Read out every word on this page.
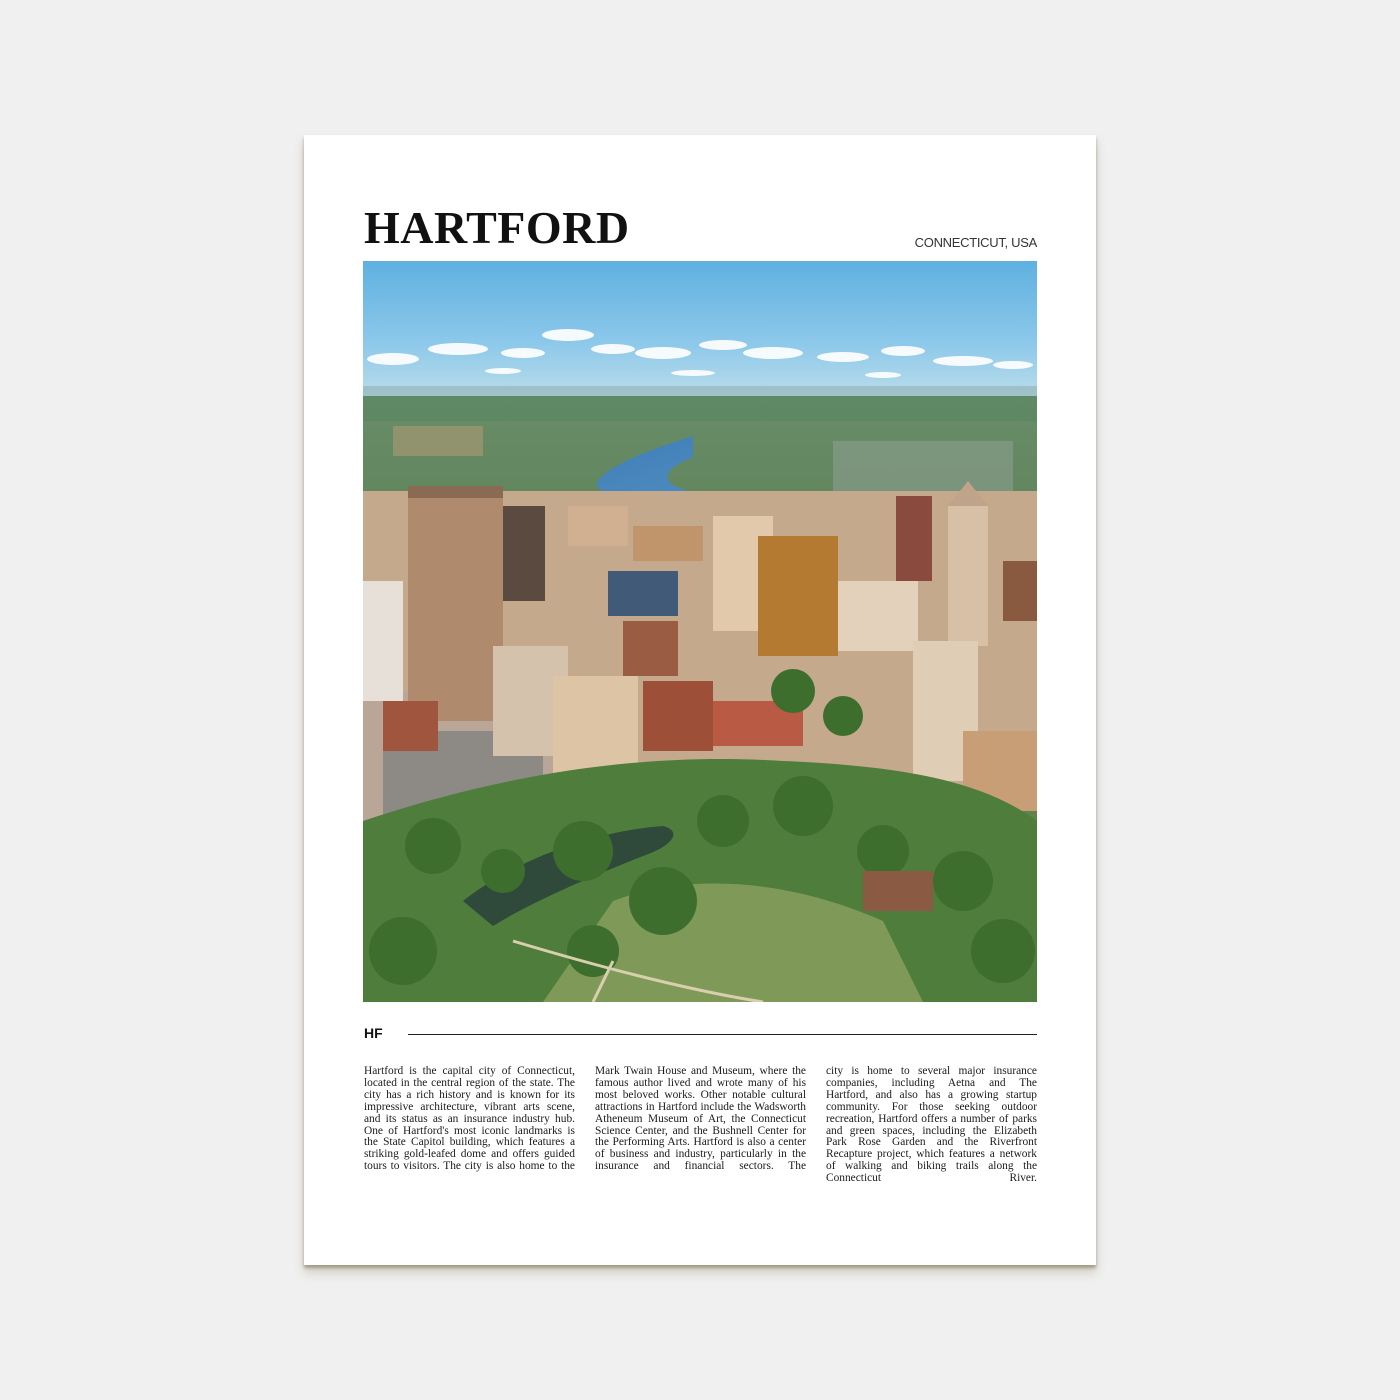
HARTFORD	CONNECTICUT, USA
HF
Hartford is the capital city of Connecticut, located in the central region of the state. The city has a rich history and is known for its impressive architecture, vibrant arts scene, and its status as an insurance industry hub. One of Hartford's most iconic landmarks is the State Capitol building, which features a striking gold-leafed dome and offers guided tours to visitors. The city is also home to the
Mark Twain House and Museum, where the famous author lived and wrote many of his most beloved works. Other notable cultural attractions in Hartford include the Wadsworth Atheneum Museum of Art, the Connecticut Science Center, and the Bushnell Center for the Performing Arts. Hartford is also a center of business and industry, particularly in the insurance and financial sectors. The
city is home to several major insurance companies, including Aetna and The Hartford, and also has a growing startup community. For those seeking outdoor recreation, Hartford offers a number of parks and green spaces, including the Elizabeth Park Rose Garden and the Riverfront Recapture project, which features a network of walking and biking trails along the Connecticut River.
